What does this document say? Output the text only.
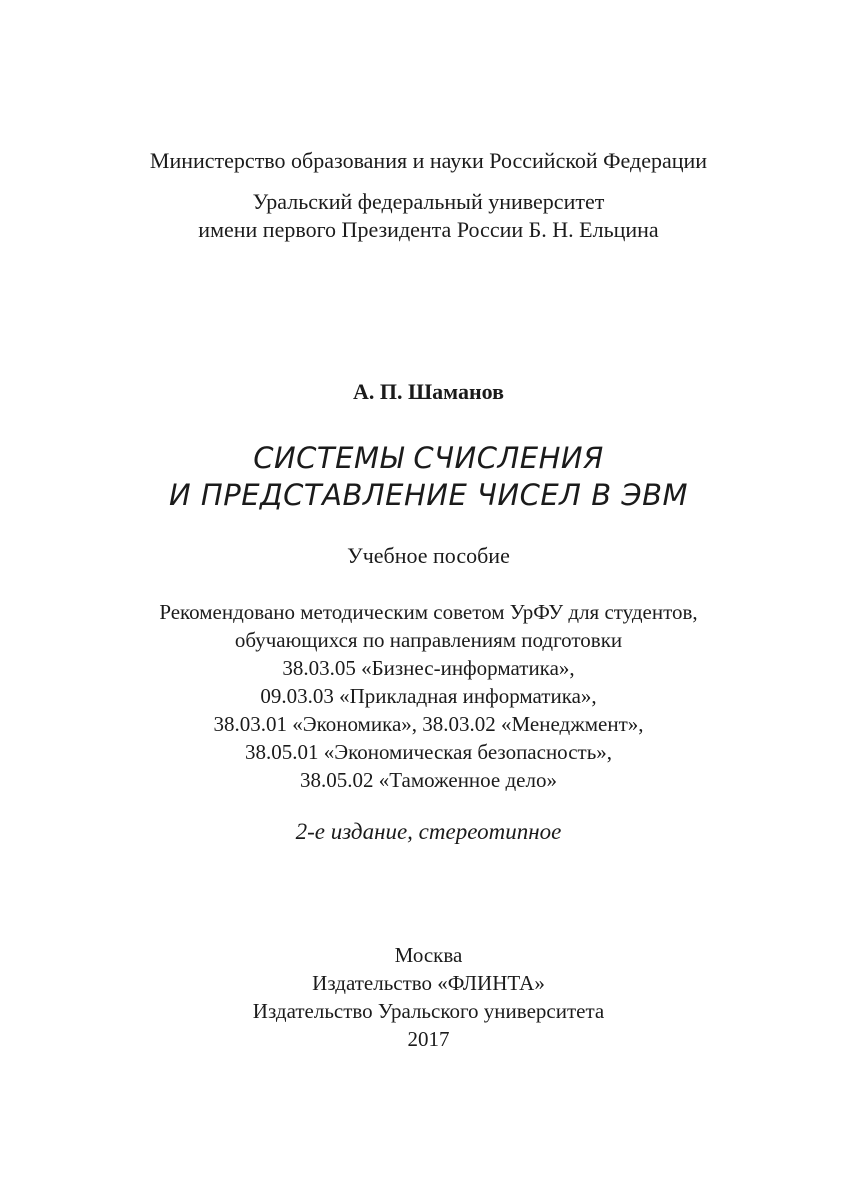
Министерство образования и науки Российской Федерации
Уральский федеральный университет
имени первого Президента России Б. Н. Ельцина
А. П. Шаманов
СИСТЕМЫ СЧИСЛЕНИЯ
И ПРЕДСТАВЛЕНИЕ ЧИСЕЛ В ЭВМ
Учебное пособие
Рекомендовано методическим советом УрФУ для студентов,
обучающихся по направлениям подготовки
38.03.05 «Бизнес-информатика»,
09.03.03 «Прикладная информатика»,
38.03.01 «Экономика», 38.03.02 «Менеджмент»,
38.05.01 «Экономическая безопасность»,
38.05.02 «Таможенное дело»
2-е издание, стереотипное
Москва
Издательство «ФЛИНТА»
Издательство Уральского университета
2017
